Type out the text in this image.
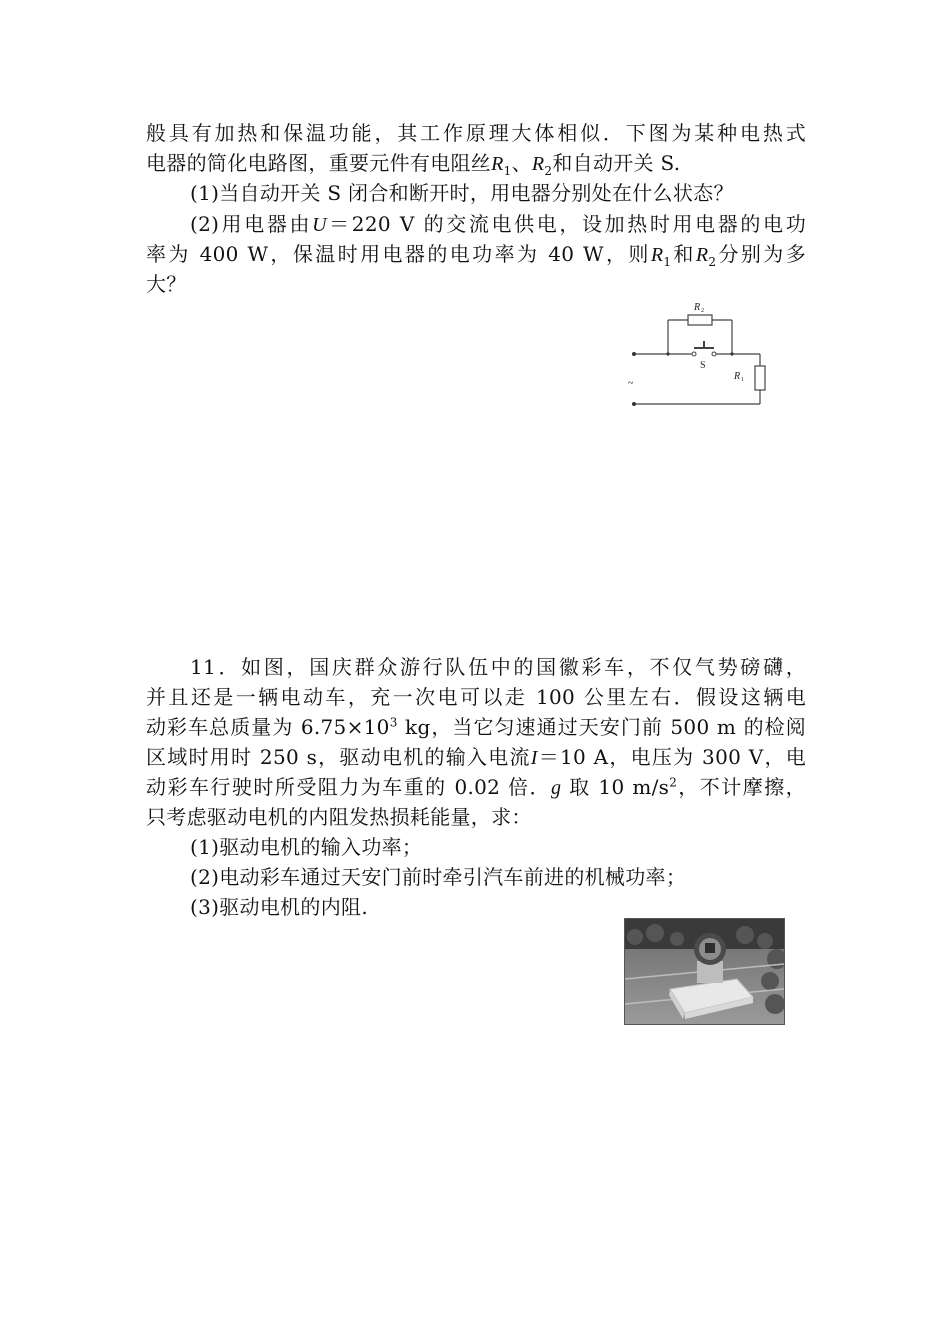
般具有加热和保温功能，其工作原理大体相似．下图为某种电热式
电器的简化电路图，重要元件有电阻丝$R_1$、$R_2$和自动开关 S.
(1)当自动开关 S 闭合和断开时，用电器分别处在什么状态？
(2)用电器由U＝220 V 的交流电供电，设加热时用电器的电功
率为 400 W，保温时用电器的电功率为 40 W，则$R_1$和$R_2$分别为多
大？
R 2
R 1
S
~
11．如图，国庆群众游行队伍中的国徽彩车，不仅气势磅礴，
并且还是一辆电动车，充一次电可以走 100 公里左右．假设这辆电
动彩车总质量为 $6.75\times 10^3$ kg，当它匀速通过天安门前 500 m 的检阅
区域时用时 250 s，驱动电机的输入电流I＝10 A，电压为 300 V，电
动彩车行驶时所受阻力为车重的 0.02 倍．g 取 10 $m/s^2$，不计摩擦，
只考虑驱动电机的内阻发热损耗能量，求：
(1)驱动电机的输入功率；
(2)电动彩车通过天安门前时牵引汽车前进的机械功率；
(3)驱动电机的内阻.
